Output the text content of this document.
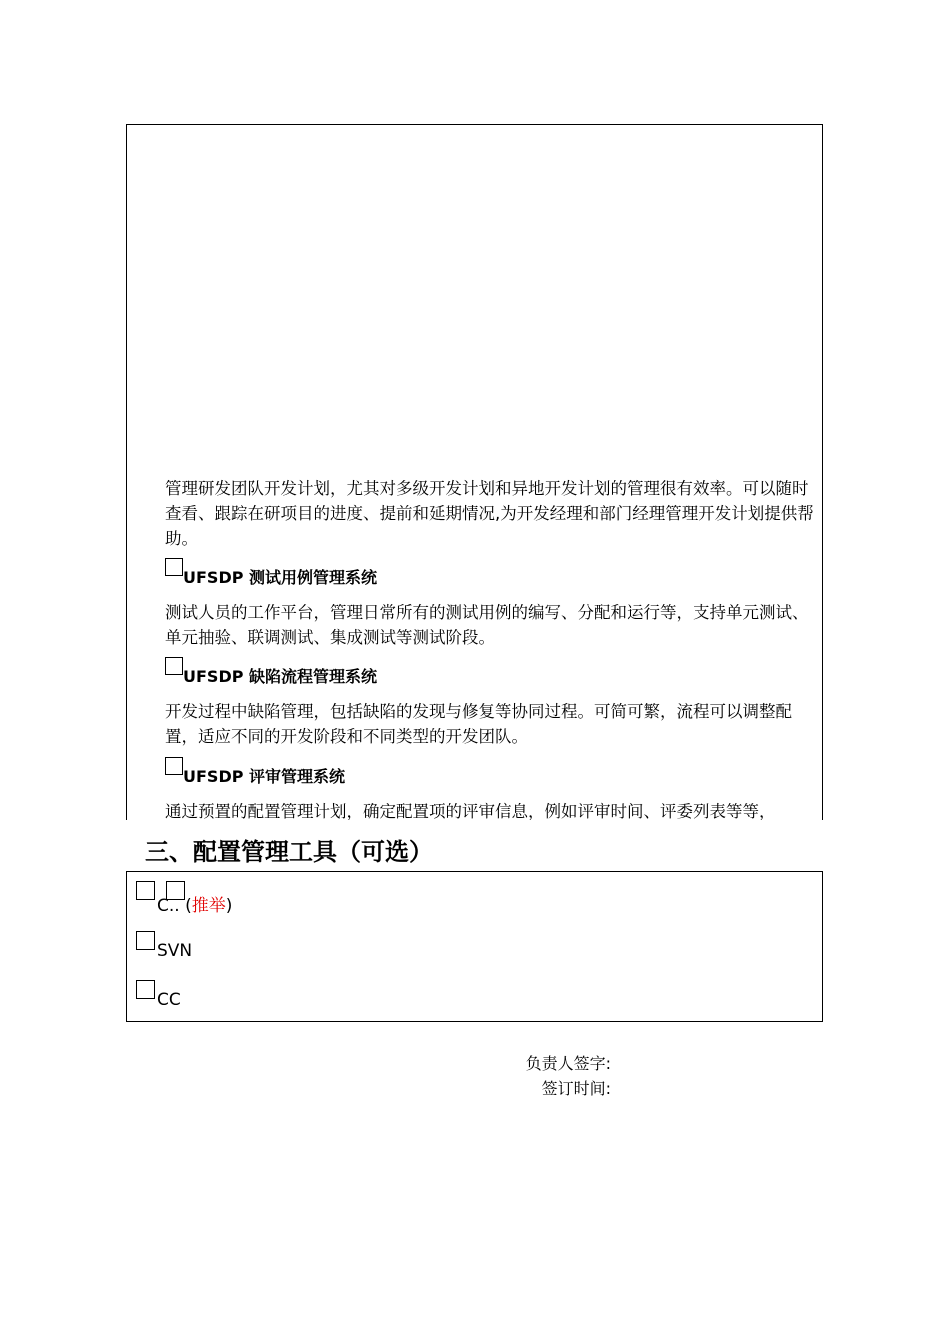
管理研发团队开发计划，尤其对多级开发计划和异地开发计划的管理很有效率。可以随时查看、跟踪在研项目的进度、提前和延期情况,为开发经理和部门经理管理开发计划提供帮助。

UFSDP 测试用例管理系统

测试人员的工作平台，管理日常所有的测试用例的编写、分配和运行等，支持单元测试、单元抽验、联调测试、集成测试等测试阶段。

UFSDP 缺陷流程管理系统

开发过程中缺陷管理，包括缺陷的发现与修复等协同过程。可简可繁，流程可以调整配置，适应不同的开发阶段和不同类型的开发团队。

UFSDP 评审管理系统

通过预置的配置管理计划，确定配置项的评审信息，例如评审时间、评委列表等等，

三、配置管理工具（可选）
C.. (推举)
SVN
CC
负责人签字:
签订时间:
